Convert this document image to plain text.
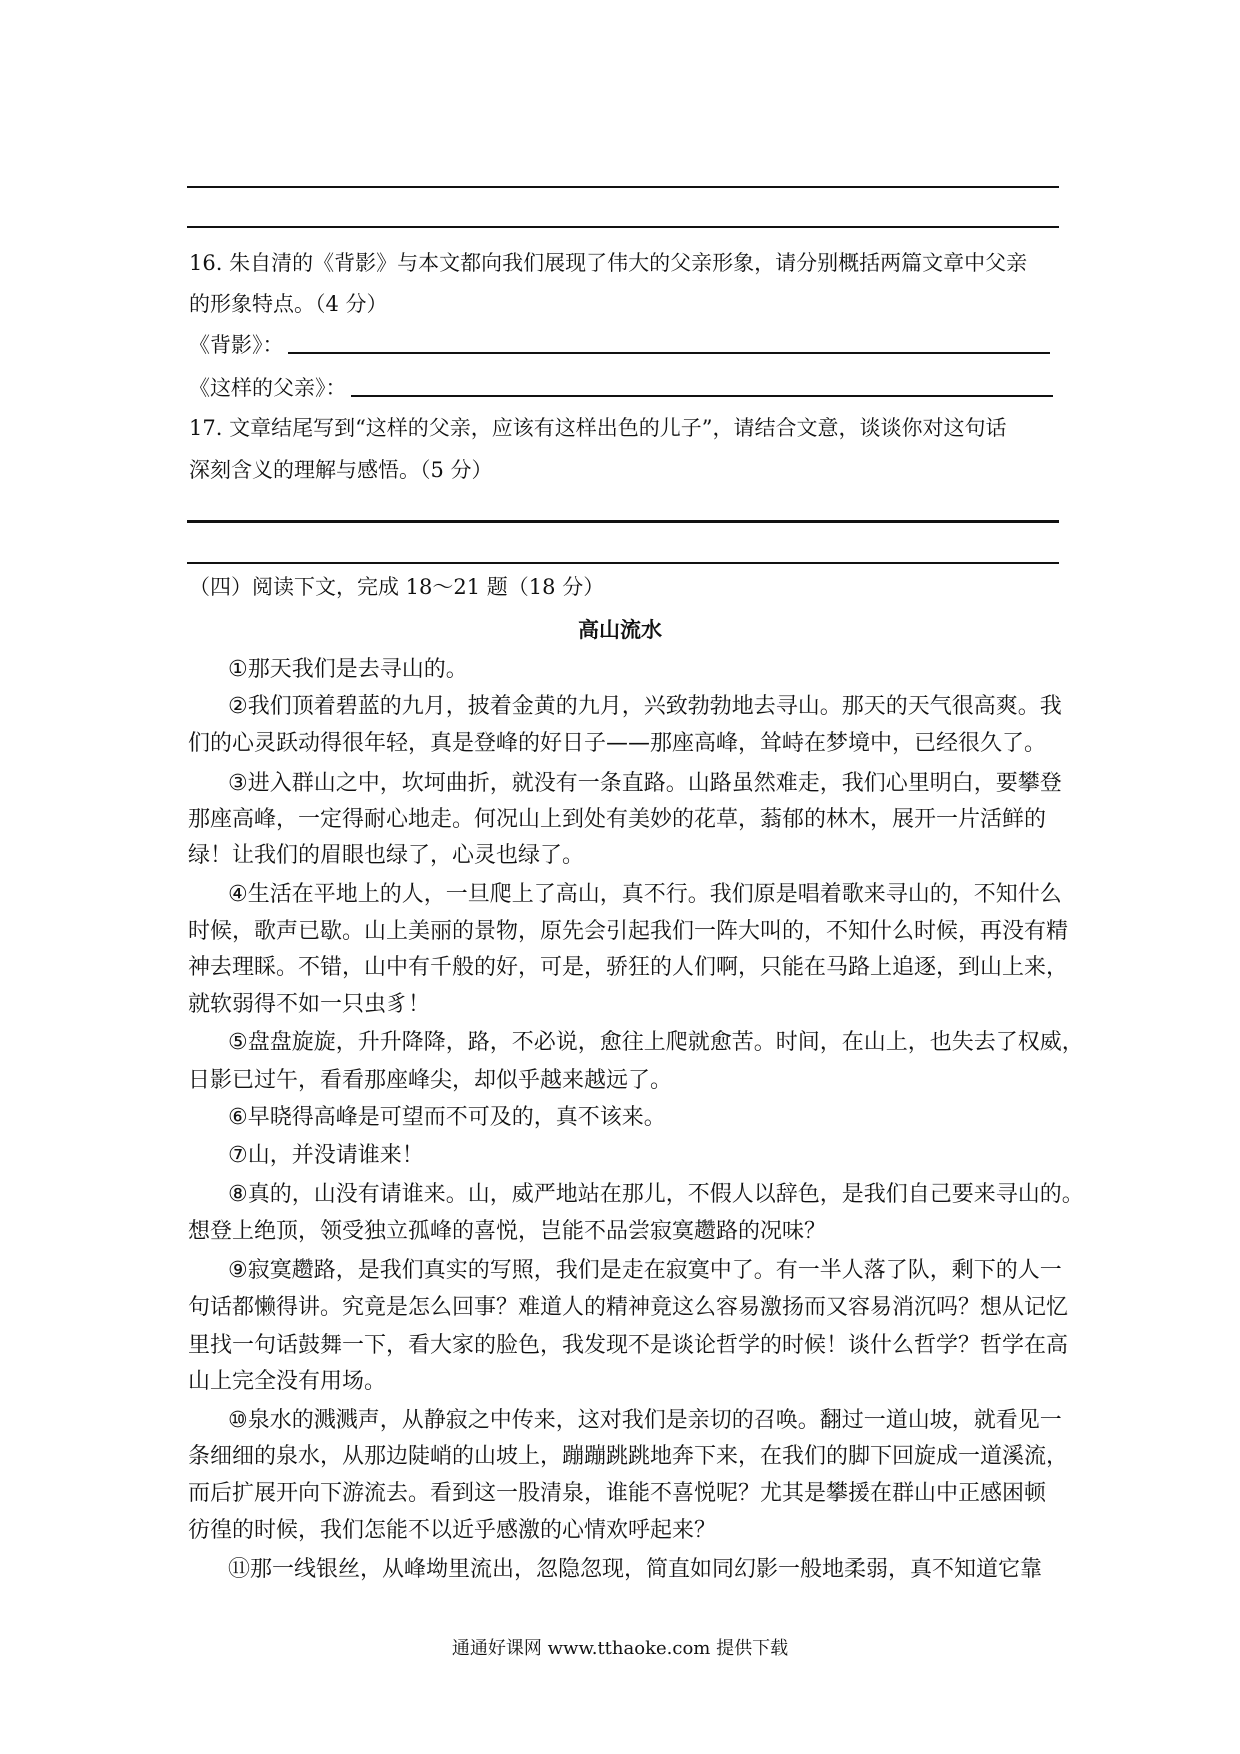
16. 朱自清的《背影》与本文都向我们展现了伟大的父亲形象，请分别概括两篇文章中父亲
的形象特点。（4 分）
《背影》：
《这样的父亲》：
17. 文章结尾写到“这样的父亲，应该有这样出色的儿子”，请结合文意，谈谈你对这句话
深刻含义的理解与感悟。（5 分）
（四）阅读下文，完成 18～21 题（18 分）
高山流水
①那天我们是去寻山的。
②我们顶着碧蓝的九月，披着金黄的九月，兴致勃勃地去寻山。那天的天气很高爽。我
们的心灵跃动得很年轻，真是登峰的好日子——那座高峰，耸峙在梦境中，已经很久了。
③进入群山之中，坎坷曲折，就没有一条直路。山路虽然难走，我们心里明白，要攀登
那座高峰，一定得耐心地走。何况山上到处有美妙的花草，蓊郁的林木，展开一片活鲜的
绿！让我们的眉眼也绿了，心灵也绿了。
④生活在平地上的人，一旦爬上了高山，真不行。我们原是唱着歌来寻山的，不知什么
时候，歌声已歇。山上美丽的景物，原先会引起我们一阵大叫的，不知什么时候，再没有精
神去理睬。不错，山中有千般的好，可是，骄狂的人们啊，只能在马路上追逐，到山上来，
就软弱得不如一只虫豸！
⑤盘盘旋旋，升升降降，路，不必说，愈往上爬就愈苦。时间，在山上，也失去了权威，
日影已过午，看看那座峰尖，却似乎越来越远了。
⑥早晓得高峰是可望而不可及的，真不该来。
⑦山，并没请谁来！
⑧真的，山没有请谁来。山，威严地站在那儿，不假人以辞色，是我们自己要来寻山的。
想登上绝顶，领受独立孤峰的喜悦，岂能不品尝寂寞趱路的况味？
⑨寂寞趱路，是我们真实的写照，我们是走在寂寞中了。有一半人落了队，剩下的人一
句话都懒得讲。究竟是怎么回事？难道人的精神竟这么容易激扬而又容易消沉吗？想从记忆
里找一句话鼓舞一下，看大家的脸色，我发现不是谈论哲学的时候！谈什么哲学？哲学在高
山上完全没有用场。
⑩泉水的溅溅声，从静寂之中传来，这对我们是亲切的召唤。翻过一道山坡，就看见一
条细细的泉水，从那边陡峭的山坡上，蹦蹦跳跳地奔下来，在我们的脚下回旋成一道溪流，
而后扩展开向下游流去。看到这一股清泉，谁能不喜悦呢？尤其是攀援在群山中正感困顿
彷徨的时候，我们怎能不以近乎感激的心情欢呼起来？
⑪那一线银丝，从峰坳里流出，忽隐忽现，简直如同幻影一般地柔弱，真不知道它靠
通通好课网 www.tthaoke.com 提供下载
